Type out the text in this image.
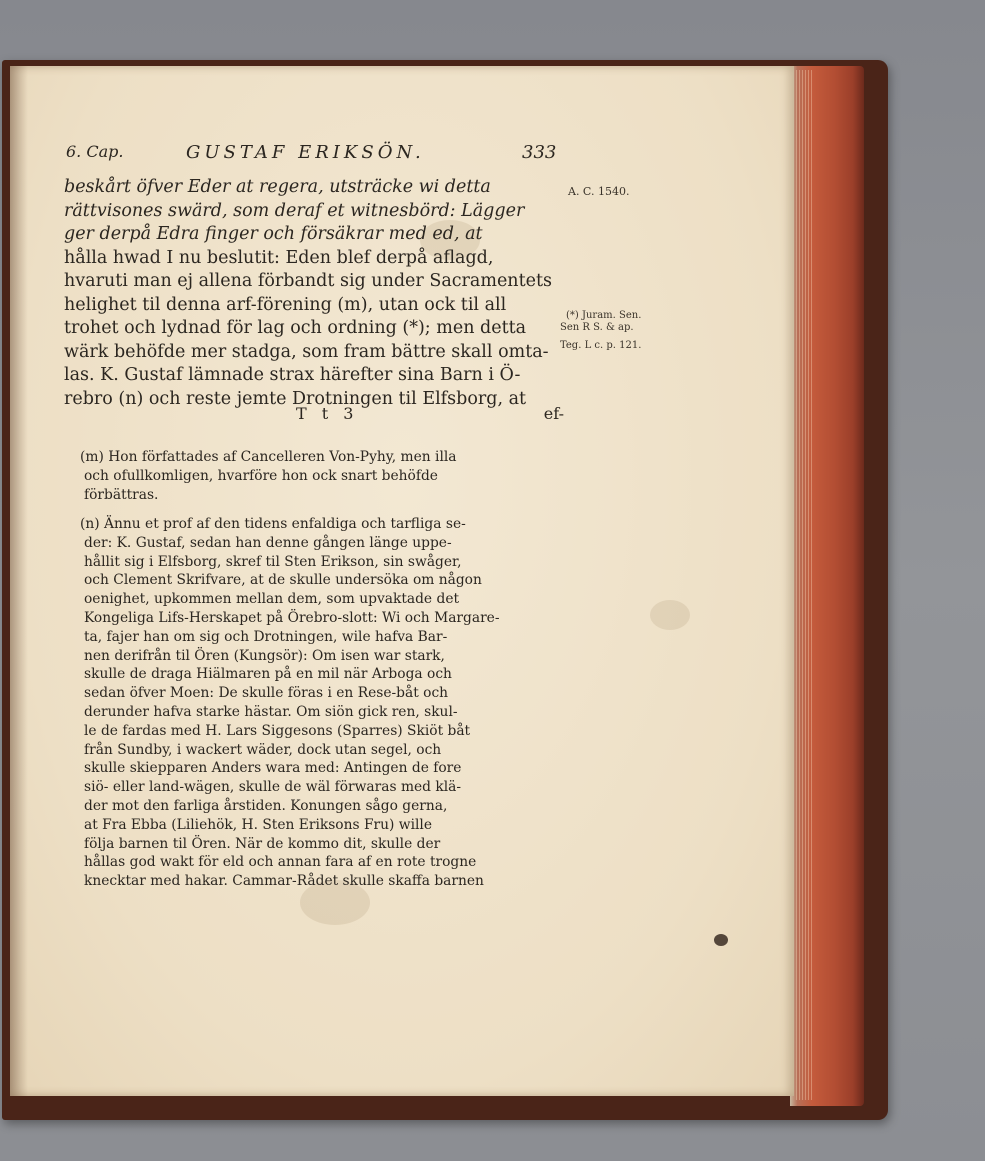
6. Cap.	GUSTAF ERIKSÖN.	333
beskårt öfver Eder at regera, utsträcke wi detta
rättvisones swärd, som deraf et witnesbörd: Lägger
ger derpå Edra finger och försäkrar med ed, at
hålla hwad I nu beslutit: Eden blef derpå aflagd,
hvaruti man ej allena förbandt sig under Sacramentets
helighet til denna arf-förening (m), utan ock til all
trohet och lydnad för lag och ordning (*); men detta
wärk behöfde mer stadga, som fram bättre skall omta-
las. K. Gustaf lämnade strax härefter sina Barn i Ö-
rebro (n) och reste jemte Drotningen til Elfsborg, at
T t 3	ef-
A. C. 1540.
(*) Juram. Sen.
Sen R S. & ap.
Teg. L c. p. 121.
(m) Hon författades af Cancelleren Von-Pyhy, men illa
och ofullkomligen, hvarföre hon ock snart behöfde
förbättras.
(n) Ännu et prof af den tidens enfaldiga och tarfliga se-
der: K. Gustaf, sedan han denne gången länge uppe-
hållit sig i Elfsborg, skref til Sten Erikson, sin swåger,
och Clement Skrifvare, at de skulle undersöka om någon
oenighet, upkommen mellan dem, som upvaktade det
Kongeliga Lifs-Herskapet på Örebro-slott: Wi och Margare-
ta, fajer han om sig och Drotningen, wile hafva Bar-
nen derifrån til Ören (Kungsör): Om isen war stark,
skulle de draga Hiälmaren på en mil när Arboga och
sedan öfver Moen: De skulle föras i en Rese-båt och
derunder hafva starke hästar. Om siön gick ren, skul-
le de fardas med H. Lars Siggesons (Sparres) Skiöt båt
från Sundby, i wackert wäder, dock utan segel, och
skulle skiepparen Anders wara med: Antingen de fore
siö- eller land-wägen, skulle de wäl förwaras med klä-
der mot den farliga årstiden. Konungen sågo gerna,
at Fra Ebba (Liliehök, H. Sten Eriksons Fru) wille
följa barnen til Ören. När de kommo dit, skulle der
hållas god wakt för eld och annan fara af en rote trogne
knecktar med hakar. Cammar-Rådet skulle skaffa barnen
